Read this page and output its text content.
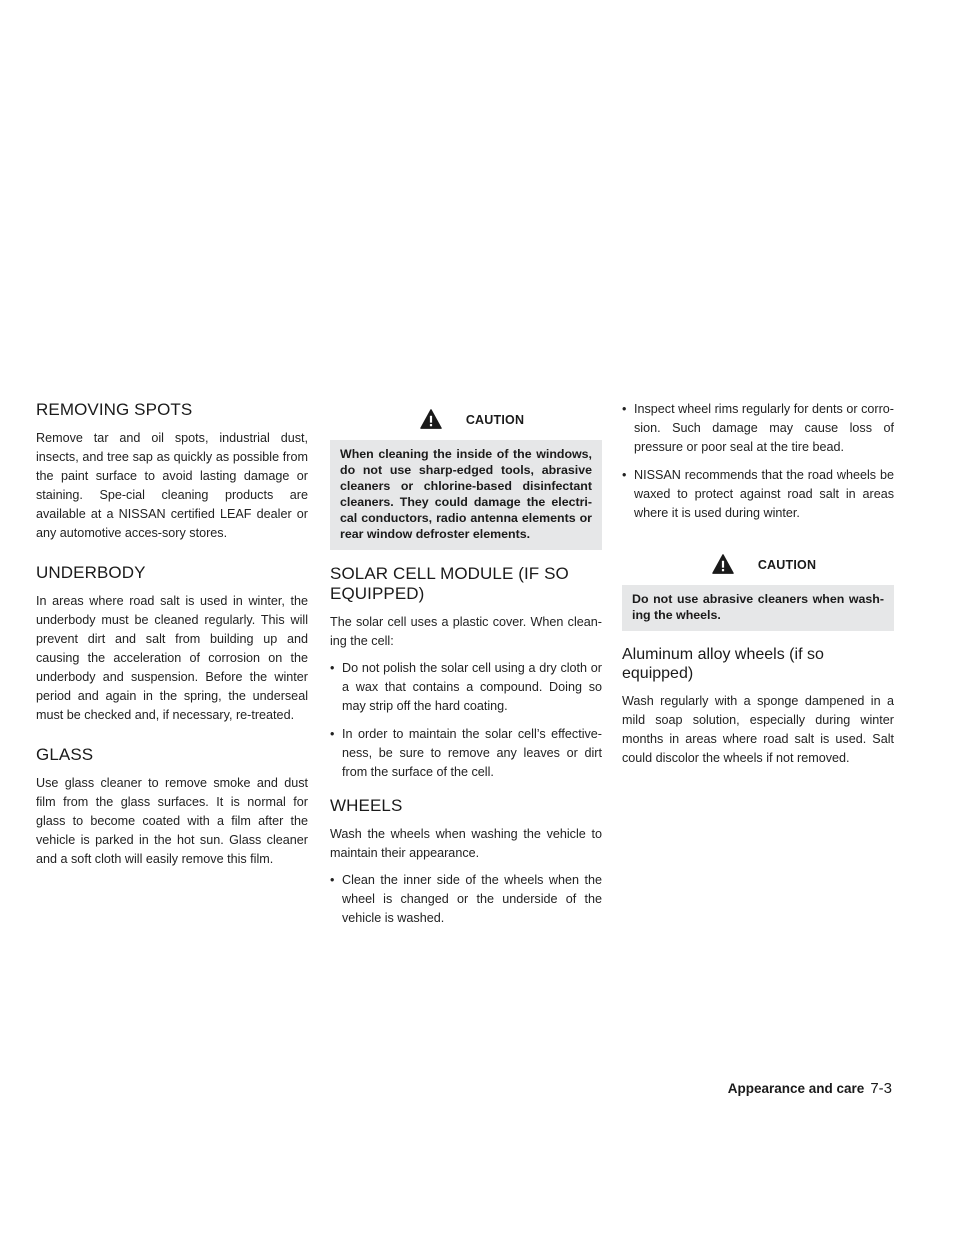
REMOVING SPOTS

Remove tar and oil spots, industrial dust, insects, and tree sap as quickly as possible from the paint surface to avoid lasting damage or staining. Spe-cial cleaning products are available at a NISSAN certified LEAF dealer or any automotive acces-sory stores.

UNDERBODY

In areas where road salt is used in winter, the underbody must be cleaned regularly. This will prevent dirt and salt from building up and causing the acceleration of corrosion on the underbody and suspension. Before the winter period and again in the spring, the underseal must be checked and, if necessary, re-treated.

GLASS

Use glass cleaner to remove smoke and dust film from the glass surfaces. It is normal for glass to become coated with a film after the vehicle is parked in the hot sun. Glass cleaner and a soft cloth will easily remove this film.

CAUTION
When cleaning the inside of the windows, do not use sharp-edged tools, abrasive cleaners or chlorine-based disinfectant cleaners. They could damage the electri-cal conductors, radio antenna elements or rear window defroster elements.
SOLAR CELL MODULE (IF SO EQUIPPED)

The solar cell uses a plastic cover. When clean-ing the cell:

• Do not polish the solar cell using a dry cloth or a wax that contains a compound. Doing so may strip off the hard coating.
• In order to maintain the solar cell’s effective-ness, be sure to remove any leaves or dirt from the surface of the cell.
WHEELS

Wash the wheels when washing the vehicle to maintain their appearance.

• Clean the inner side of the wheels when the wheel is changed or the underside of the vehicle is washed.
• Inspect wheel rims regularly for dents or corro-sion. Such damage may cause loss of pressure or poor seal at the tire bead.
• NISSAN recommends that the road wheels be waxed to protect against road salt in areas where it is used during winter.
CAUTION
Do not use abrasive cleaners when wash-ing the wheels.
Aluminum alloy wheels (if so equipped)

Wash regularly with a sponge dampened in a mild soap solution, especially during winter months in areas where road salt is used. Salt could discolor the wheels if not removed.

Appearance and care 7-3
